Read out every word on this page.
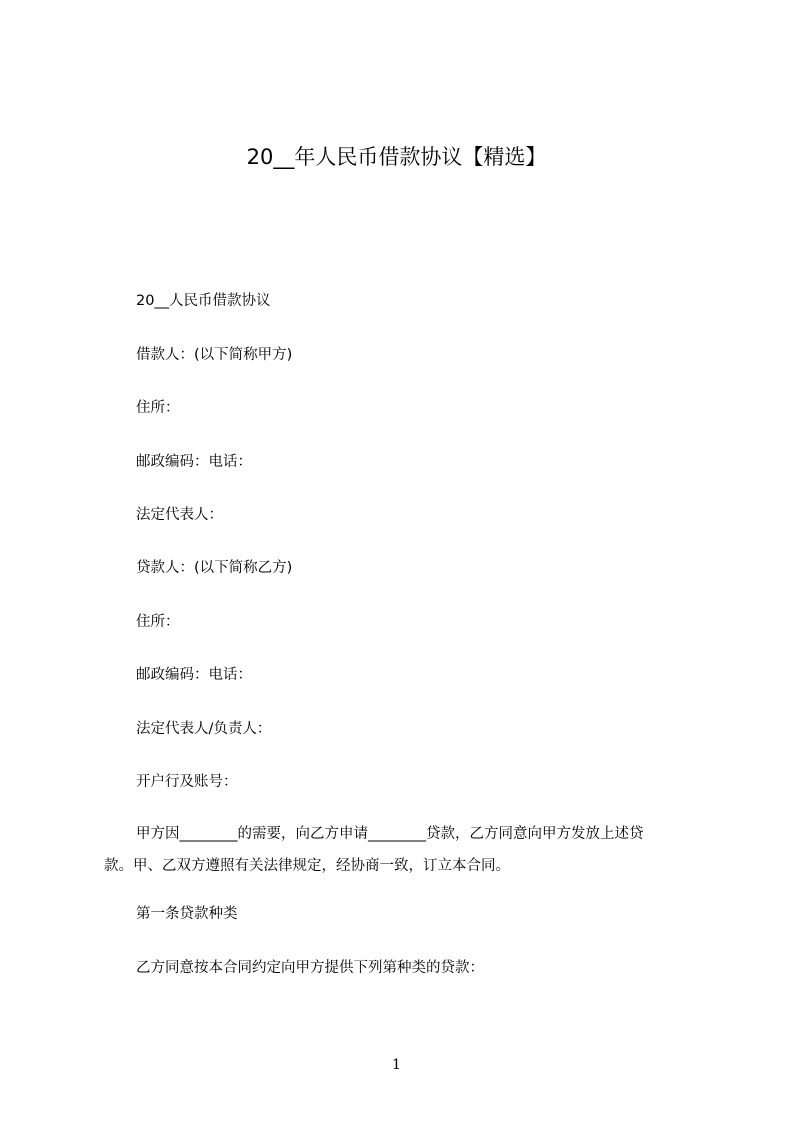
20__年人民币借款协议【精选】
20__人民币借款协议
借款人：(以下简称甲方)
住所：
邮政编码：电话：
法定代表人：
贷款人：(以下简称乙方)
住所：
邮政编码：电话：
法定代表人/负责人：
开户行及账号：
甲方因________的需要，向乙方申请________贷款，乙方同意向甲方发放上述贷
款。甲、乙双方遵照有关法律规定，经协商一致，订立本合同。
第一条贷款种类
乙方同意按本合同约定向甲方提供下列第种类的贷款：
1
